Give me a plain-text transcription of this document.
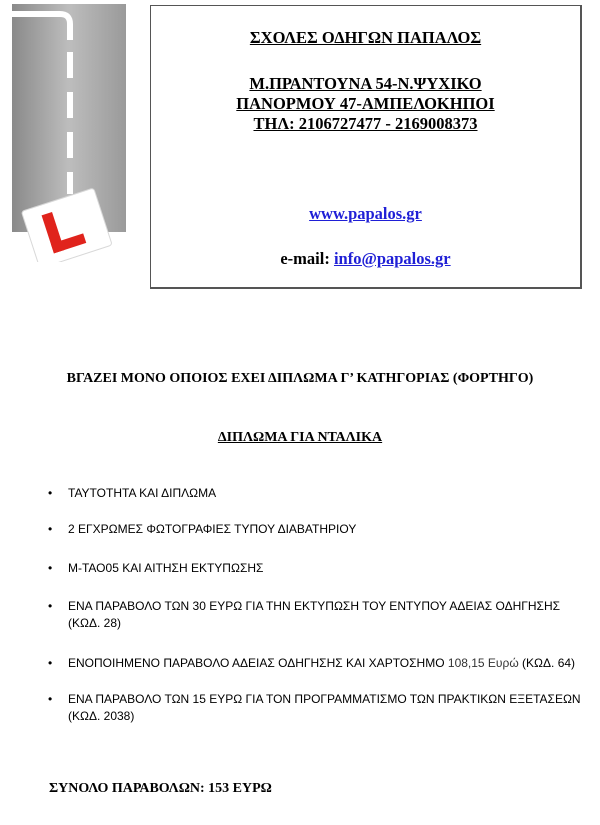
ΣΧΟΛΕΣ ΟΔΗΓΩΝ ΠΑΠΑΛΟΣ
Μ.ΠΡΑΝΤΟΥΝΑ 54-Ν.ΨΥΧΙΚΟ
ΠΑΝΟΡΜΟΥ 47-ΑΜΠΕΛΟΚΗΠΟΙ
ΤΗΛ: 2106727477 - 2169008373
www.papalos.gr
e-mail: info@papalos.gr
ΒΓΑΖΕΙ ΜΟΝΟ ΟΠΟΙΟΣ ΕΧΕΙ ΔΙΠΛΩΜΑ Γ’ ΚΑΤΗΓΟΡΙΑΣ (ΦΟΡΤΗΓΟ)
ΔΙΠΛΩΜΑ ΓΙΑ ΝΤΑΛΙΚΑ
• ΤΑΥΤΟΤΗΤΑ ΚΑΙ ΔΙΠΛΩΜΑ
• 2 ΕΓΧΡΩΜΕΣ ΦΩΤΟΓΡΑΦΙΕΣ ΤΥΠΟΥ ΔΙΑΒΑΤΗΡΙΟΥ
• Μ-ΤΑΟ05 ΚΑΙ ΑΙΤΗΣΗ ΕΚΤΥΠΩΣΗΣ
• ΕΝΑ ΠΑΡΑΒΟΛΟ ΤΩΝ 30 ΕΥΡΩ ΓΙΑ ΤΗΝ ΕΚΤΥΠΩΣΗ ΤΟΥ ΕΝΤΥΠΟΥ ΑΔΕΙΑΣ ΟΔΗΓΗΣΗΣ (ΚΩΔ. 28)
• ΕΝΟΠΟΙΗΜΕΝΟ ΠΑΡΑΒΟΛΟ ΑΔΕΙΑΣ ΟΔΗΓΗΣΗΣ ΚΑΙ ΧΑΡΤΟΣΗΜΟ 108,15 Ευρώ (ΚΩΔ. 64)
• ΕΝΑ ΠΑΡΑΒΟΛΟ ΤΩΝ 15 ΕΥΡΩ ΓΙΑ ΤΟΝ ΠΡΟΓΡΑΜΜΑΤΙΣΜΟ ΤΩΝ ΠΡΑΚΤΙΚΩΝ ΕΞΕΤΑΣΕΩΝ (ΚΩΔ. 2038)
ΣΥΝΟΛΟ ΠΑΡΑΒΟΛΩΝ: 153 ΕΥΡΩ
